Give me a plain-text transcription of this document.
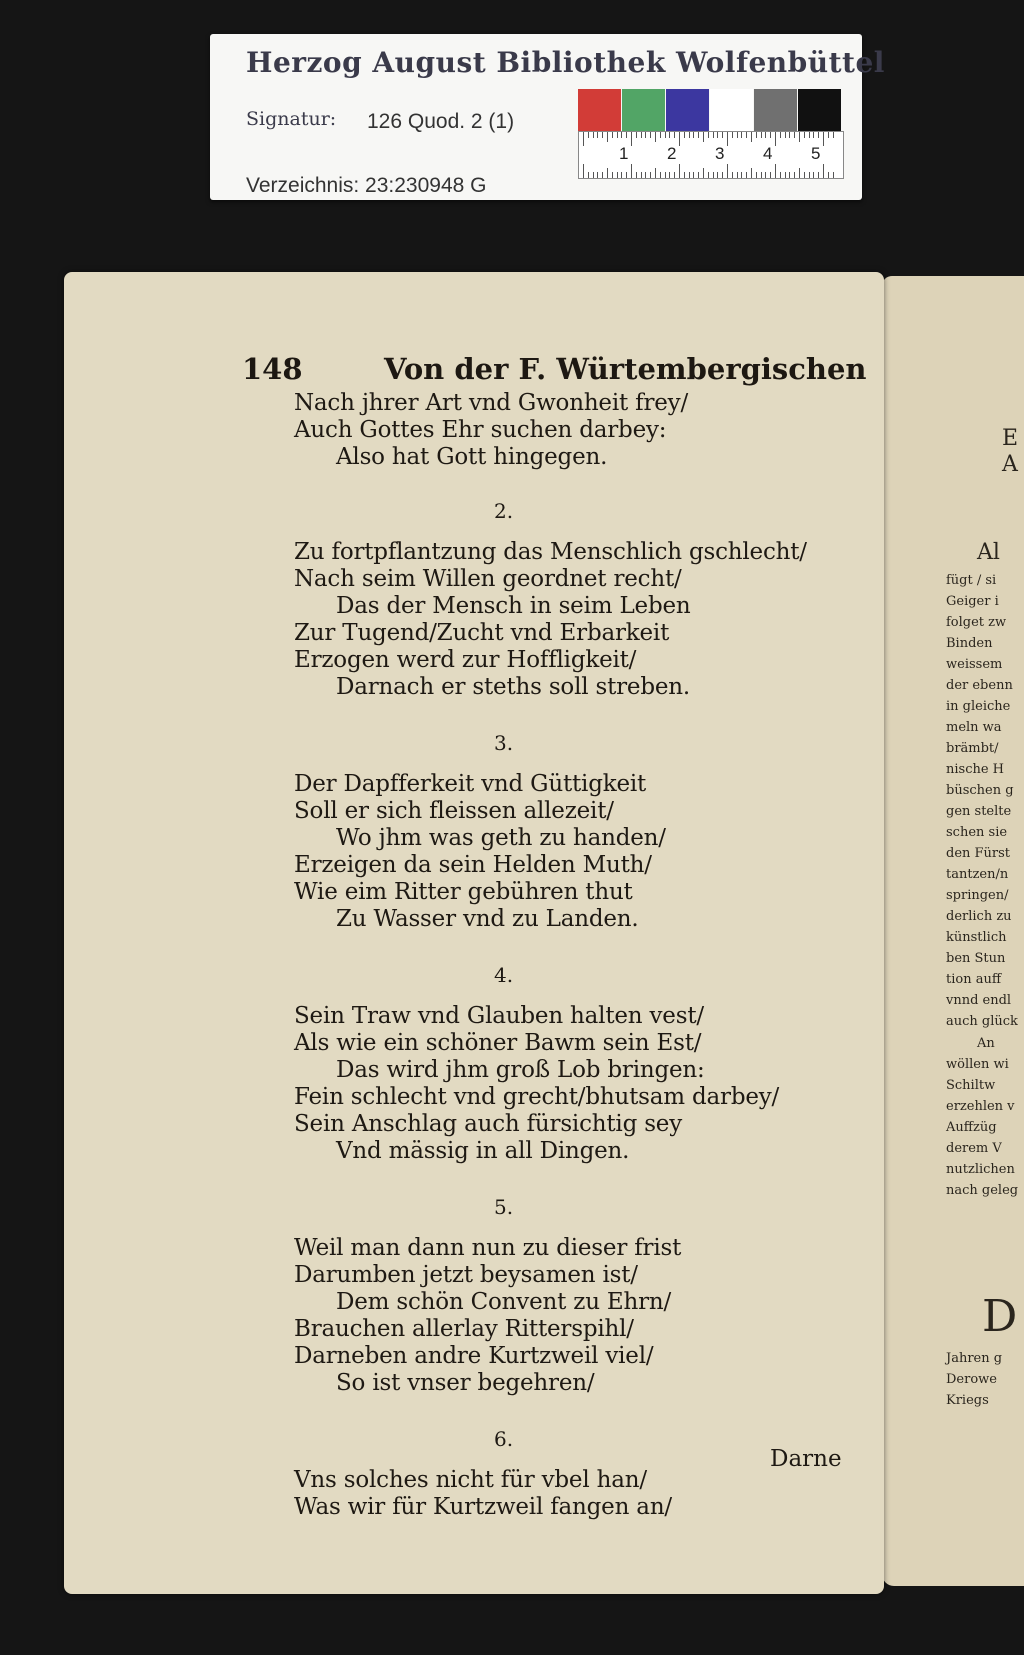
Herzog August Bibliothek Wolfenbüttel
Signatur: 126 Quod. 2 (1)
Verzeichnis: 23:230948 G
1 2 3 4 5
E
A
Al
fügt / si
Geiger i
folget zw
Binden
weissem
der ebenn
in gleiche
meln wa
brämbt/
nische H
büschen g
gen stelte
schen sie
den Fürst
tantzen/n
springen/
derlich zu
künstlich
ben Stun
tion auff
vnnd endl
auch glück
An
wöllen wi
Schiltw
erzehlen v
Auffzüg
derem V
nutzlichen
nach geleg
D
Jahren g
Derowe
Kriegs
148	Von der F. Würtembergischen
Darne
Nach jhrer Art vnd Gwonheit frey/
Auch Gottes Ehr suchen darbey:
Also hat Gott hingegen.
2.
Zu fortpflantzung das Menschlich gschlecht/
Nach seim Willen geordnet recht/
Das der Mensch in seim Leben
Zur Tugend/Zucht vnd Erbarkeit
Erzogen werd zur Hoffligkeit/
Darnach er steths soll streben.
3.
Der Dapfferkeit vnd Güttigkeit
Soll er sich fleissen allezeit/
Wo jhm was geth zu handen/
Erzeigen da sein Helden Muth/
Wie eim Ritter gebühren thut
Zu Wasser vnd zu Landen.
4.
Sein Traw vnd Glauben halten vest/
Als wie ein schöner Bawm sein Est/
Das wird jhm groß Lob bringen:
Fein schlecht vnd grecht/bhutsam darbey/
Sein Anschlag auch fürsichtig sey
Vnd mässig in all Dingen.
5.
Weil man dann nun zu dieser frist
Darumben jetzt beysamen ist/
Dem schön Convent zu Ehrn/
Brauchen allerlay Ritterspihl/
Darneben andre Kurtzweil viel/
So ist vnser begehren/
6.
Vns solches nicht für vbel han/
Was wir für Kurtzweil fangen an/
